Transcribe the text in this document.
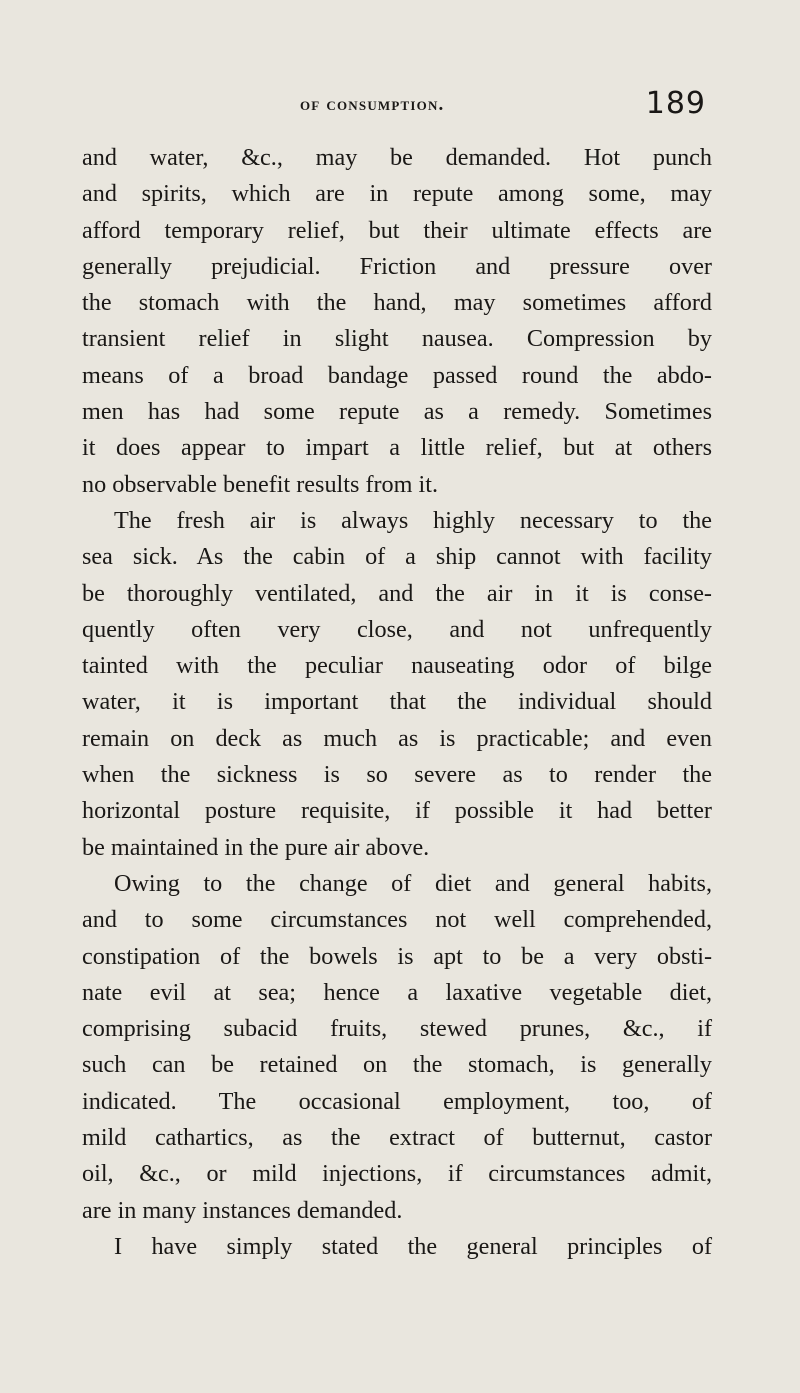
of consumption.	189
and water, &c., may be demanded. Hot punch
and spirits, which are in repute among some, may
afford temporary relief, but their ultimate effects are
generally prejudicial. Friction and pressure over
the stomach with the hand, may sometimes afford
transient relief in slight nausea. Compression by
means of a broad bandage passed round the abdo-
men has had some repute as a remedy. Sometimes
it does appear to impart a little relief, but at others
no observable benefit results from it.
The fresh air is always highly necessary to the
sea sick. As the cabin of a ship cannot with facility
be thoroughly ventilated, and the air in it is conse-
quently often very close, and not unfrequently
tainted with the peculiar nauseating odor of bilge
water, it is important that the individual should
remain on deck as much as is practicable; and even
when the sickness is so severe as to render the
horizontal posture requisite, if possible it had better
be maintained in the pure air above.
Owing to the change of diet and general habits,
and to some circumstances not well comprehended,
constipation of the bowels is apt to be a very obsti-
nate evil at sea; hence a laxative vegetable diet,
comprising subacid fruits, stewed prunes, &c., if
such can be retained on the stomach, is generally
indicated. The occasional employment, too, of
mild cathartics, as the extract of butternut, castor
oil, &c., or mild injections, if circumstances admit,
are in many instances demanded.
I have simply stated the general principles of
